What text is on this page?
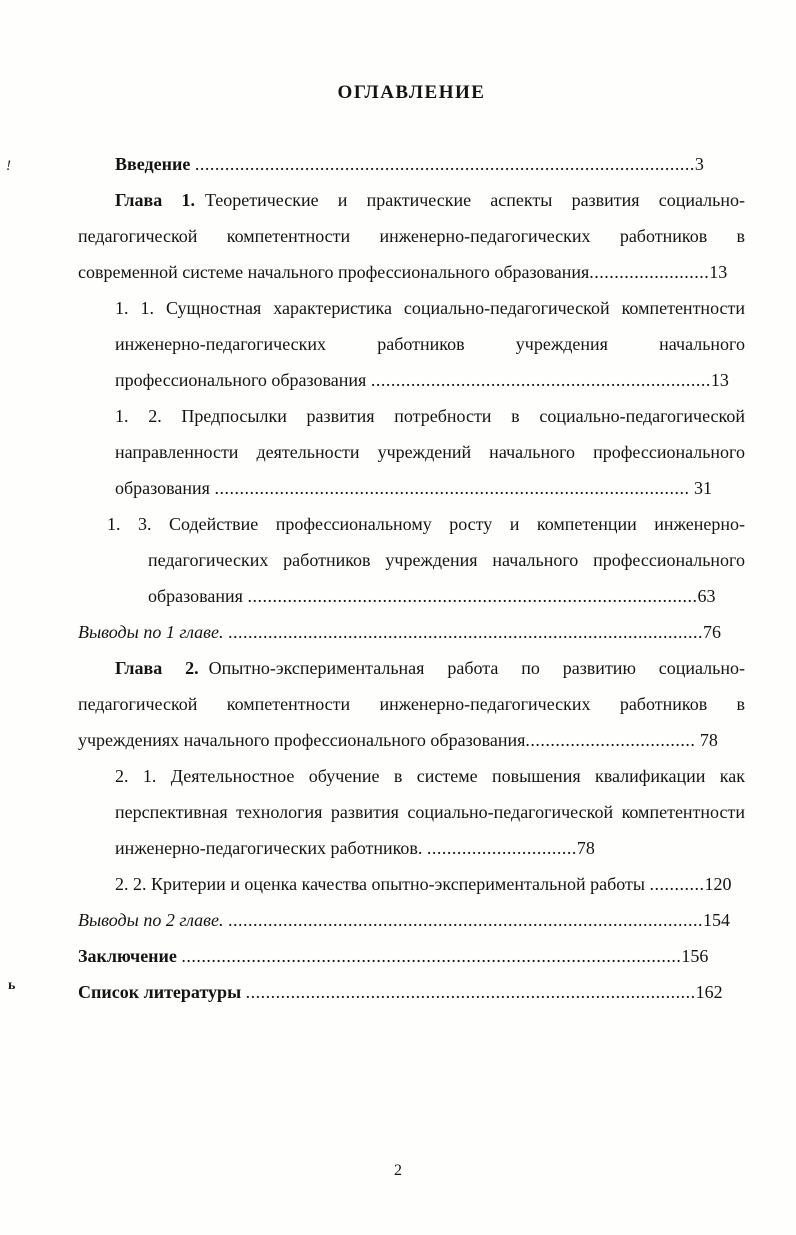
!
ь
ОГЛАВЛЕНИЕ

Введение ....................................................................................................3

Глава 1. Теоретические и практические аспекты развития социально-педагогической компетентности инженерно-педагогических работников в современной системе начального профессионального образования........................13

1. 1. Сущностная характеристика социально-педагогической компетентности инженерно-педагогических работников учреждения начального профессионального образования ....................................................................13

1. 2. Предпосылки развития потребности в социально-педагогической направленности деятельности учреждений начального профессионального образования ............................................................................................... 31

1. 3. Содействие профессиональному росту и компетенции инженерно-педагогических работников учреждения начального профессионального образования ..........................................................................................63

Выводы по 1 главе. ...............................................................................................76

Глава 2. Опытно-экспериментальная работа по развитию социально-педагогической компетентности инженерно-педагогических работников в учреждениях начального профессионального образования.................................. 78

2. 1. Деятельностное обучение в системе повышения квалификации как перспективная технология развития социально-педагогической компетентности инженерно-педагогических работников. ..............................78

2. 2. Критерии и оценка качества опытно-экспериментальной работы ...........120

Выводы по 2 главе. ...............................................................................................154

Заключение ....................................................................................................156

Список литературы ..........................................................................................162

2
